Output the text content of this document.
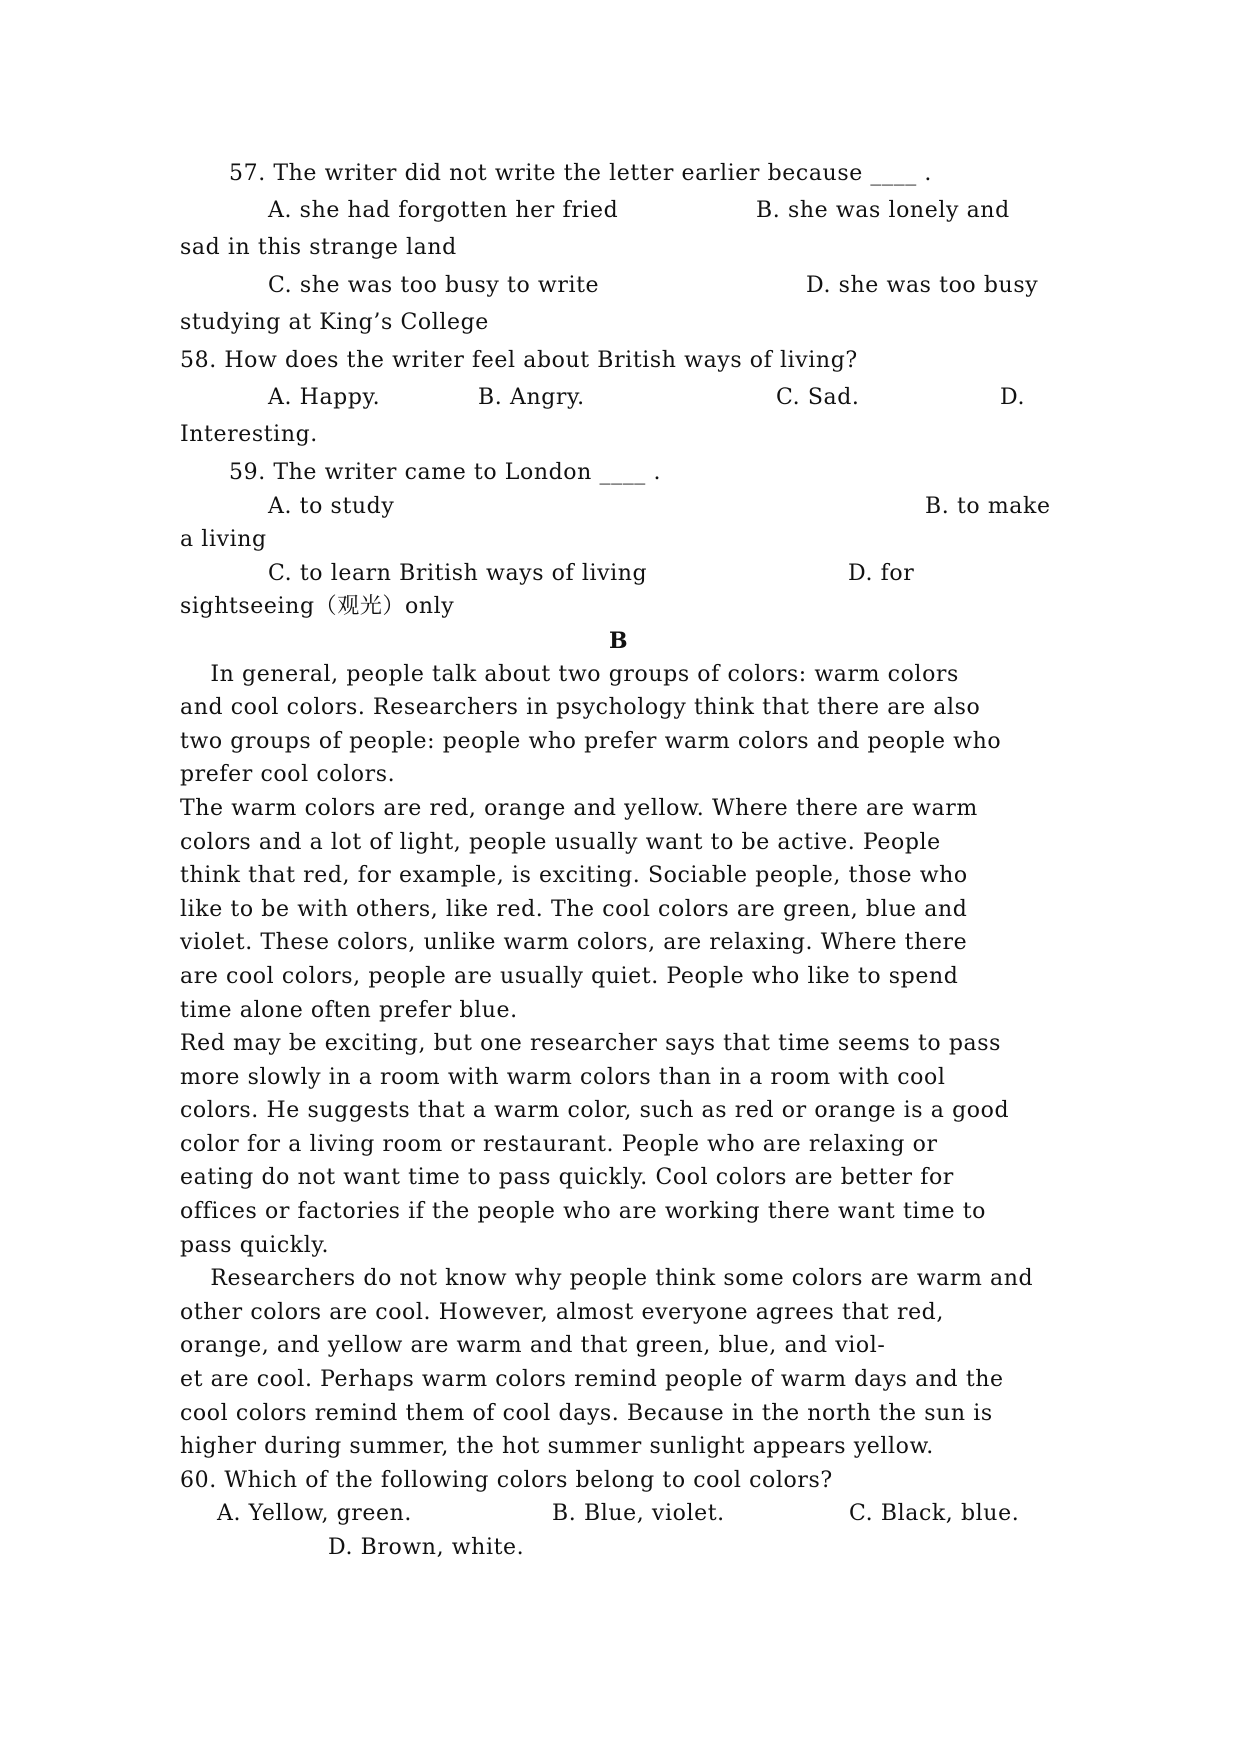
57. The writer did not write the letter earlier because ____ .
A. she had forgotten her fried	B. she was lonely and
sad in this strange land
C. she was too busy to write	D. she was too busy
studying at King’s College
58. How does the writer feel about British ways of living?
A. Happy.	B. Angry.	C. Sad.	D.
Interesting.
59. The writer came to London ____ .
A. to study	B. to make
a living
C. to learn British ways of living	D. for
sightseeing（观光）only
B
In general, people talk about two groups of colors: warm colors
and cool colors. Researchers in psychology think that there are also
two groups of people: people who prefer warm colors and people who
prefer cool colors.
The warm colors are red, orange and yellow. Where there are warm
colors and a lot of light, people usually want to be active. People
think that red, for example, is exciting. Sociable people, those who
like to be with others, like red. The cool colors are green, blue and
violet. These colors, unlike warm colors, are relaxing. Where there
are cool colors, people are usually quiet. People who like to spend
time alone often prefer blue.
Red may be exciting, but one researcher says that time seems to pass
more slowly in a room with warm colors than in a room with cool
colors. He suggests that a warm color, such as red or orange is a good
color for a living room or restaurant. People who are relaxing or
eating do not want time to pass quickly. Cool colors are better for
offices or factories if the people who are working there want time to
pass quickly.
Researchers do not know why people think some colors are warm and
other colors are cool. However, almost everyone agrees that red,
orange, and yellow are warm and that green, blue, and viol-
et are cool. Perhaps warm colors remind people of warm days and the
cool colors remind them of cool days. Because in the north the sun is
higher during summer, the hot summer sunlight appears yellow.
60. Which of the following colors belong to cool colors?
A. Yellow, green.	B. Blue, violet.	C. Black, blue.
D. Brown, white.
